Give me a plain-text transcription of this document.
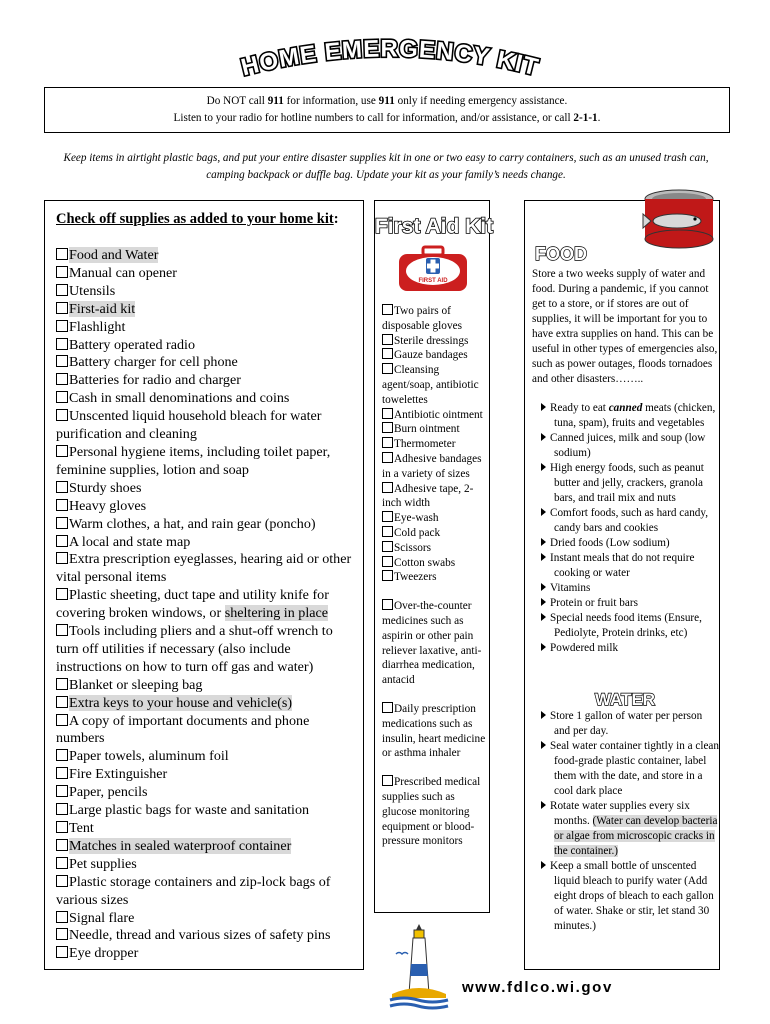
HOME EMERGENCY KIT
Do NOT call 911 for information, use 911 only if needing emergency assistance.
Listen to your radio for hotline numbers to call for information, and/or assistance, or call 2-1-1.
Keep items in airtight plastic bags, and put your entire disaster supplies kit in one or two easy to carry containers, such as an unused trash can, camping backpack or duffle bag. Update your kit as your family’s needs change.
Check off supplies as added to your home kit:
Food and Water
Manual can opener
Utensils
First-aid kit
Flashlight
Battery operated radio
Battery charger for cell phone
Batteries for radio and charger
Cash in small denominations and coins
Unscented liquid household bleach for water purification and cleaning
Personal hygiene items, including toilet paper, feminine supplies, lotion and soap
Sturdy shoes
Heavy gloves
Warm clothes, a hat, and rain gear (poncho)
A local and state map
Extra prescription eyeglasses, hearing aid or other vital personal items
Plastic sheeting, duct tape and utility knife for covering broken windows, or sheltering in place
Tools including pliers and a shut-off wrench to turn off utilities if necessary (also include instructions on how to turn off gas and water)
Blanket or sleeping bag
Extra keys to your house and vehicle(s)
A copy of important documents and phone numbers
Paper towels, aluminum foil
Fire Extinguisher
Paper, pencils
Large plastic bags for waste and sanitation
Tent
Matches in sealed waterproof container
Pet supplies
Plastic storage containers and zip-lock bags of various sizes
Signal flare
Needle, thread and various sizes of safety pins
Eye dropper
First Aid Kit
FIRST AID
Two pairs of disposable gloves
Sterile dressings
Gauze bandages
Cleansing agent/soap, antibiotic towelettes
Antibiotic ointment
Burn ointment
Thermometer
Adhesive bandages in a variety of sizes
Adhesive tape, 2-inch width
Eye-wash
Cold pack
Scissors
Cotton swabs
Tweezers
Over-the-counter medicines such as aspirin or other pain reliever laxative, anti-diarrhea medication, antacid
Daily prescription medications such as insulin, heart medicine or asthma inhaler
Prescribed medical supplies such as glucose monitoring equipment or blood-pressure monitors
FOOD
Store a two weeks supply of water and food. During a pandemic, if you cannot get to a store, or if stores are out of supplies, it will be important for you to have extra supplies on hand. This can be useful in other types of emergencies also, such as power outages, floods tornadoes and other disasters……..
Ready to eat canned meats (chicken, tuna, spam), fruits and vegetables
Canned juices, milk and soup (low sodium)
High energy foods, such as peanut butter and jelly, crackers, granola bars, and trail mix and nuts
Comfort foods, such as hard candy, candy bars and cookies
Dried foods (Low sodium)
Instant meals that do not require cooking or water
Vitamins
Protein or fruit bars
Special needs food items (Ensure, Pediolyte, Protein drinks, etc)
Powdered milk
WATER
Store 1 gallon of water per person and per day.
Seal water container tightly in a clean food-grade plastic container, label them with the date, and store in a cool dark place
Rotate water supplies every six months. (Water can develop bacteria or algae from microscopic cracks in the container.)
Keep a small bottle of unscented liquid bleach to purify water (Add eight drops of bleach to each gallon of water. Shake or stir, let stand 30 minutes.)
www.fdlco.wi.gov
